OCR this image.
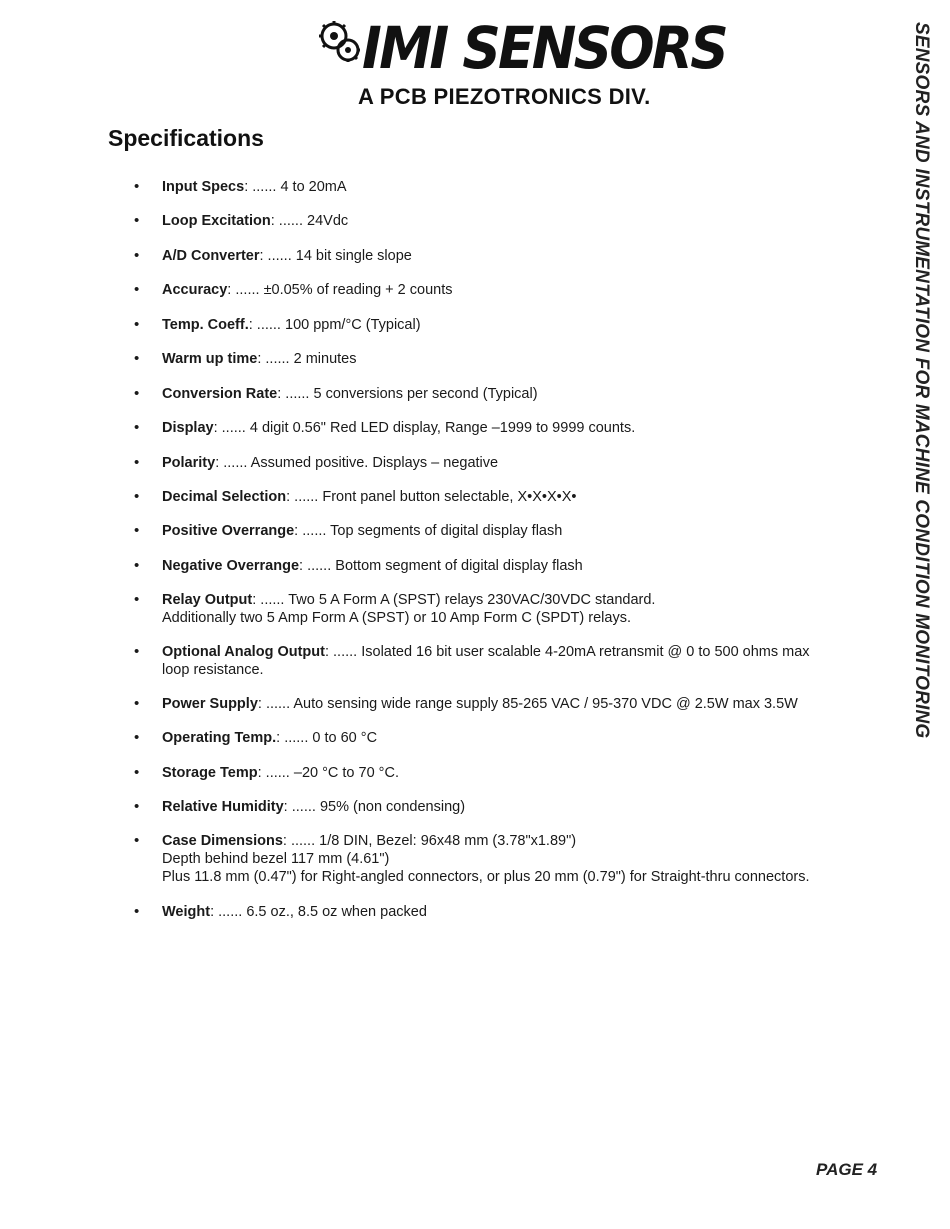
IMI SENSORS
A PCB PIEZOTRONICS DIV.	SENSORS AND INSTRUMENTATION FOR MACHINE CONDITION MONITORING
Specifications
• Input Specs: ...... 4 to 20mA
• Loop Excitation: ...... 24Vdc
• A/D Converter: ...... 14 bit single slope
• Accuracy: ...... ±0.05% of reading + 2 counts
• Temp. Coeff.: ...... 100 ppm/°C (Typical)
• Warm up time: ...... 2 minutes
• Conversion Rate: ...... 5 conversions per second (Typical)
• Display: ...... 4 digit 0.56" Red LED display, Range –1999 to 9999 counts.
• Polarity: ...... Assumed positive. Displays – negative
• Decimal Selection: ...... Front panel button selectable, X•X•X•X•
• Positive Overrange: ...... Top segments of digital display flash
• Negative Overrange: ...... Bottom segment of digital display flash
• Relay Output: ...... Two 5 A Form A (SPST) relays 230VAC/30VDC standard.
Additionally two 5 Amp Form A (SPST) or 10 Amp Form C (SPDT) relays.
• Optional Analog Output: ...... Isolated 16 bit user scalable 4-20mA retransmit @ 0 to 500 ohms max
loop resistance.
• Power Supply: ...... Auto sensing wide range supply 85-265 VAC / 95-370 VDC @ 2.5W max 3.5W
• Operating Temp.: ...... 0 to 60 °C
• Storage Temp: ...... –20 °C to 70 °C.
• Relative Humidity: ...... 95% (non condensing)
• Case Dimensions: ...... 1/8 DIN, Bezel: 96x48 mm (3.78"x1.89")
Depth behind bezel 117 mm (4.61")
Plus 11.8 mm (0.47") for Right-angled connectors, or plus 20 mm (0.79") for Straight-thru connectors.
• Weight: ...... 6.5 oz., 8.5 oz when packed
PAGE 4
